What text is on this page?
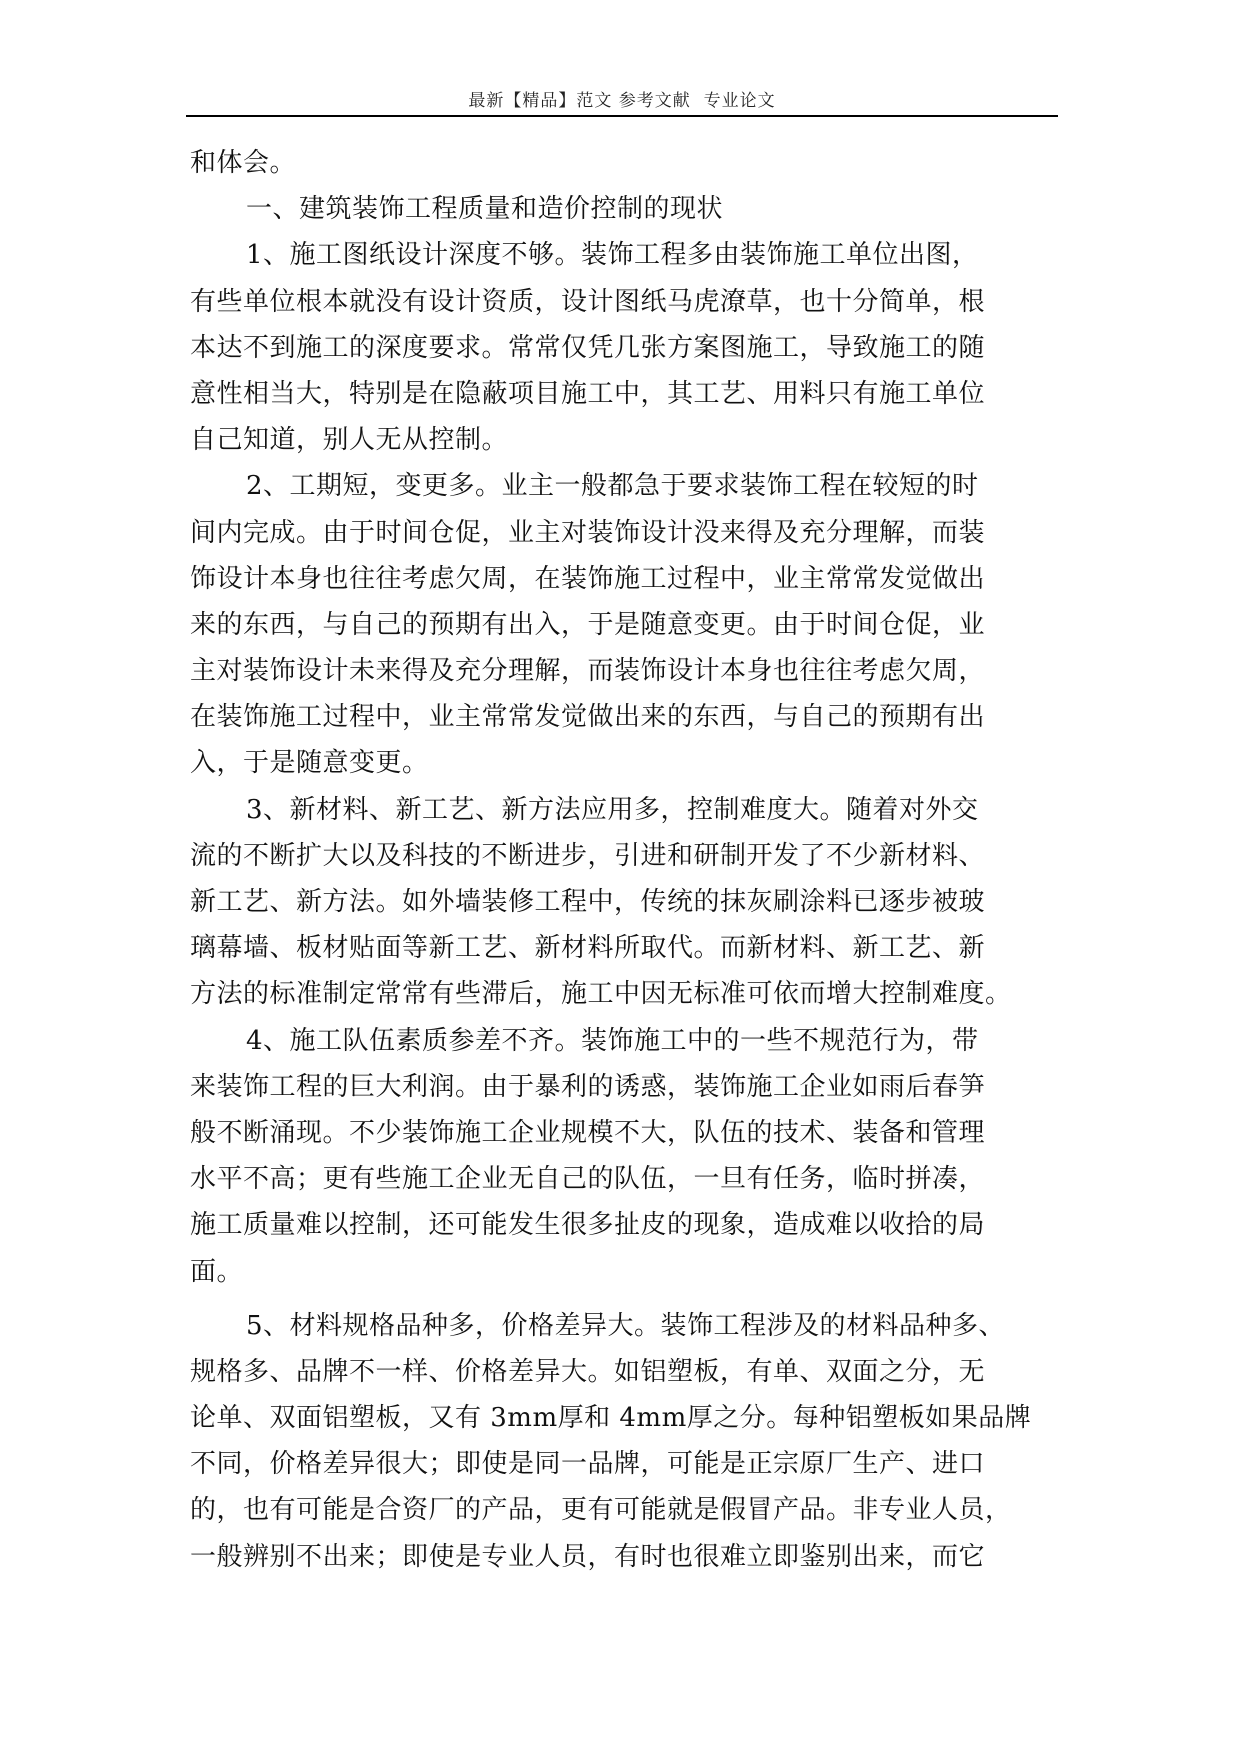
最新【精品】范文 参考文献  专业论文
和体会。
一、建筑装饰工程质量和造价控制的现状
1、施工图纸设计深度不够。装饰工程多由装饰施工单位出图，
有些单位根本就没有设计资质，设计图纸马虎潦草，也十分简单，根
本达不到施工的深度要求。常常仅凭几张方案图施工，导致施工的随
意性相当大，特别是在隐蔽项目施工中，其工艺、用料只有施工单位
自己知道，别人无从控制。
2、工期短，变更多。业主一般都急于要求装饰工程在较短的时
间内完成。由于时间仓促，业主对装饰设计没来得及充分理解，而装
饰设计本身也往往考虑欠周，在装饰施工过程中，业主常常发觉做出
来的东西，与自己的预期有出入，于是随意变更。由于时间仓促，业
主对装饰设计未来得及充分理解，而装饰设计本身也往往考虑欠周，
在装饰施工过程中，业主常常发觉做出来的东西，与自己的预期有出
入，于是随意变更。
3、新材料、新工艺、新方法应用多，控制难度大。随着对外交
流的不断扩大以及科技的不断进步，引进和研制开发了不少新材料、
新工艺、新方法。如外墙装修工程中，传统的抹灰刷涂料已逐步被玻
璃幕墙、板材贴面等新工艺、新材料所取代。而新材料、新工艺、新
方法的标准制定常常有些滞后，施工中因无标准可依而增大控制难度。
4、施工队伍素质参差不齐。装饰施工中的一些不规范行为，带
来装饰工程的巨大利润。由于暴利的诱惑，装饰施工企业如雨后春笋
般不断涌现。不少装饰施工企业规模不大，队伍的技术、装备和管理
水平不高；更有些施工企业无自己的队伍，一旦有任务，临时拼凑，
施工质量难以控制，还可能发生很多扯皮的现象，造成难以收拾的局
面。
5、材料规格品种多，价格差异大。装饰工程涉及的材料品种多、
规格多、品牌不一样、价格差异大。如铝塑板，有单、双面之分，无
论单、双面铝塑板，又有 3mm厚和 4mm厚之分。每种铝塑板如果品牌
不同，价格差异很大；即使是同一品牌，可能是正宗原厂生产、进口
的，也有可能是合资厂的产品，更有可能就是假冒产品。非专业人员，
一般辨别不出来；即使是专业人员，有时也很难立即鉴别出来，而它
